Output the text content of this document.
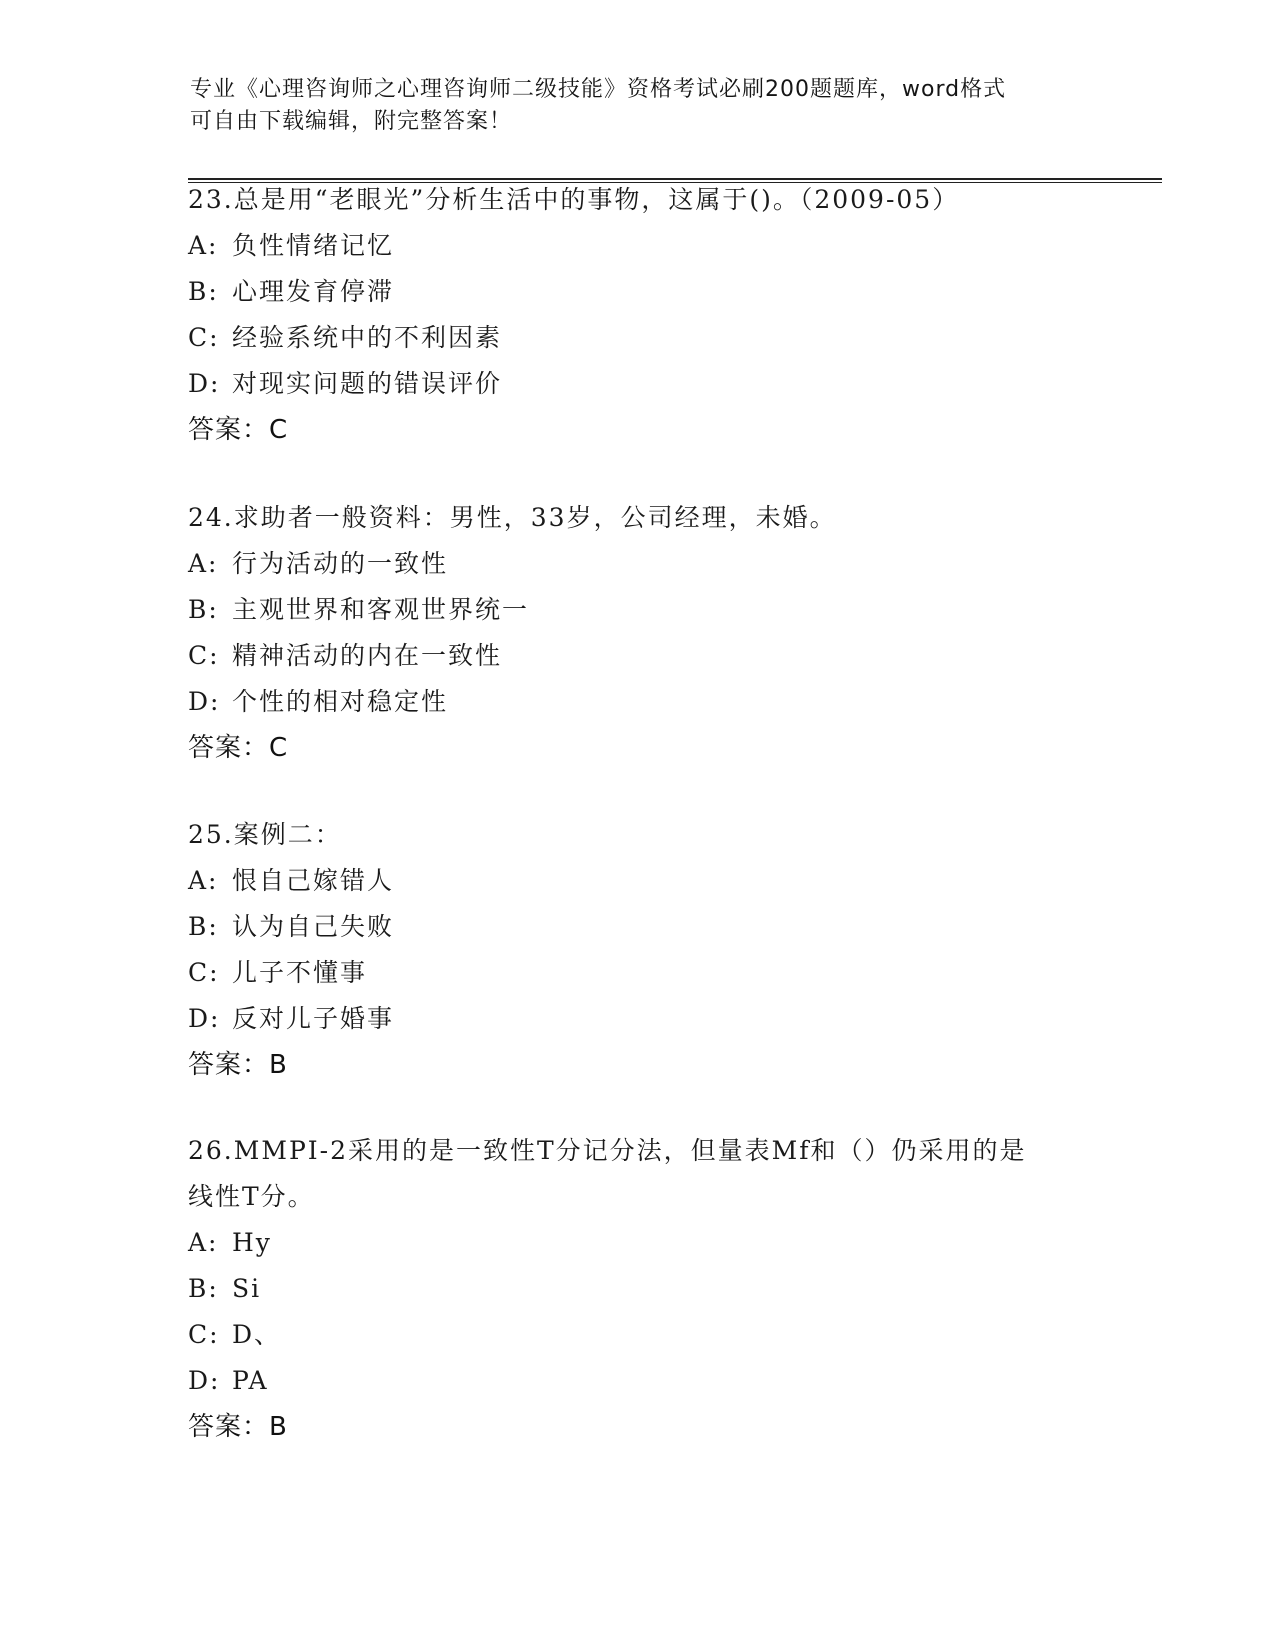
专业《心理咨询师之心理咨询师二级技能》资格考试必刷200题题库，word格式
可自由下载编辑，附完整答案！
23.总是用“老眼光”分析生活中的事物，这属于()。（2009-05）
A: 负性情绪记忆
B: 心理发育停滞
C: 经验系统中的不利因素
D: 对现实问题的错误评价
答案：C
24.求助者一般资料：男性，33岁，公司经理，未婚。
A: 行为活动的一致性
B: 主观世界和客观世界统一
C: 精神活动的内在一致性
D: 个性的相对稳定性
答案：C
25.案例二：
A: 恨自己嫁错人
B: 认为自己失败
C: 儿子不懂事
D: 反对儿子婚事
答案：B
26.MMPI-2采用的是一致性T分记分法，但量表Mf和（）仍采用的是
线性T分。
A: Hy
B: Si
C: D、
D: PA
答案：B
